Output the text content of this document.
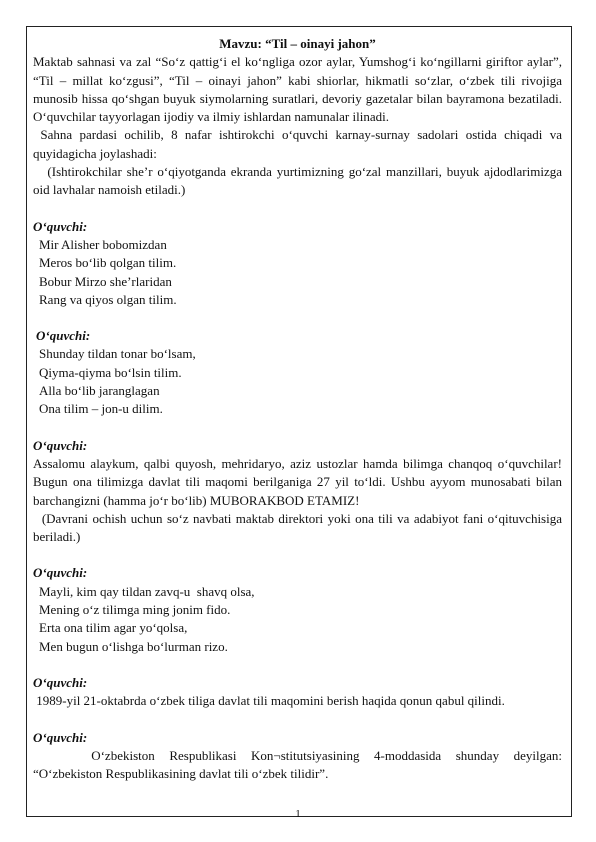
Mavzu: “Til – oinayi jahon”

Maktab sahnasi va zal “So‘z qattig‘i el ko‘ngliga ozor aylar, Yumshog‘i ko‘ngillarni giriftor aylar”, “Til – millat ko‘zgusi”, “Til – oinayi jahon” kabi shiorlar, hikmatli so‘zlar, o‘zbek tili rivojiga munosib hissa qo‘shgan buyuk siymolarning suratlari, devoriy gazetalar bilan bayramona bezatiladi. O‘quvchilar tayyorlagan ijodiy va ilmiy ishlardan namunalar ilinadi.

Sahna pardasi ochilib, 8 nafar ishtirokchi o‘quvchi karnay-surnay sadolari ostida chiqadi va quyidagicha joylashadi:

(Ishtirokchilar she’r o‘qiyotganda ekranda yurtimizning go‘zal manzillari, buyuk ajdodlarimizga oid lavhalar namoish etiladi.)

O‘quvchi:

Mir Alisher bobomizdan
Meros bo‘lib qolgan tilim.
Bobur Mirzo she’rlaridan
Rang va qiyos olgan tilim.

O‘quvchi:

Shunday tildan tonar bo‘lsam,
Qiyma-qiyma bo‘lsin tilim.
Alla bo‘lib jaranglagan
Ona tilim – jon-u dilim.

O‘quvchi:

Assalomu alaykum, qalbi quyosh, mehridaryo, aziz ustozlar hamda bilimga chanqoq o‘quvchilar! Bugun ona tilimizga davlat tili maqomi berilganiga 27 yil to‘ldi. Ushbu ayyom munosabati bilan barchangizni (hamma jo‘r bo‘lib) MUBORAKBOD ETAMIZ!

(Davrani ochish uchun so‘z navbati maktab direktori yoki ona tili va adabiyot fani o‘qituvchisiga beriladi.)

O‘quvchi:

Mayli, kim qay tildan zavq-u  shavq olsa,
Mening o‘z tilimga ming jonim fido.
Erta ona tilim agar yo‘qolsa,
Men bugun o‘lishga bo‘lurman rizo.

O‘quvchi:

1989-yil 21-oktabrda o‘zbek tiliga davlat tili maqomini berish haqida qonun qabul qilindi.

O‘quvchi:

O‘zbekiston Respublikasi Kon¬stitutsiyasining 4-moddasida shunday deyilgan:

“O‘zbekiston Respublikasining davlat tili o‘zbek tilidir”.

1
